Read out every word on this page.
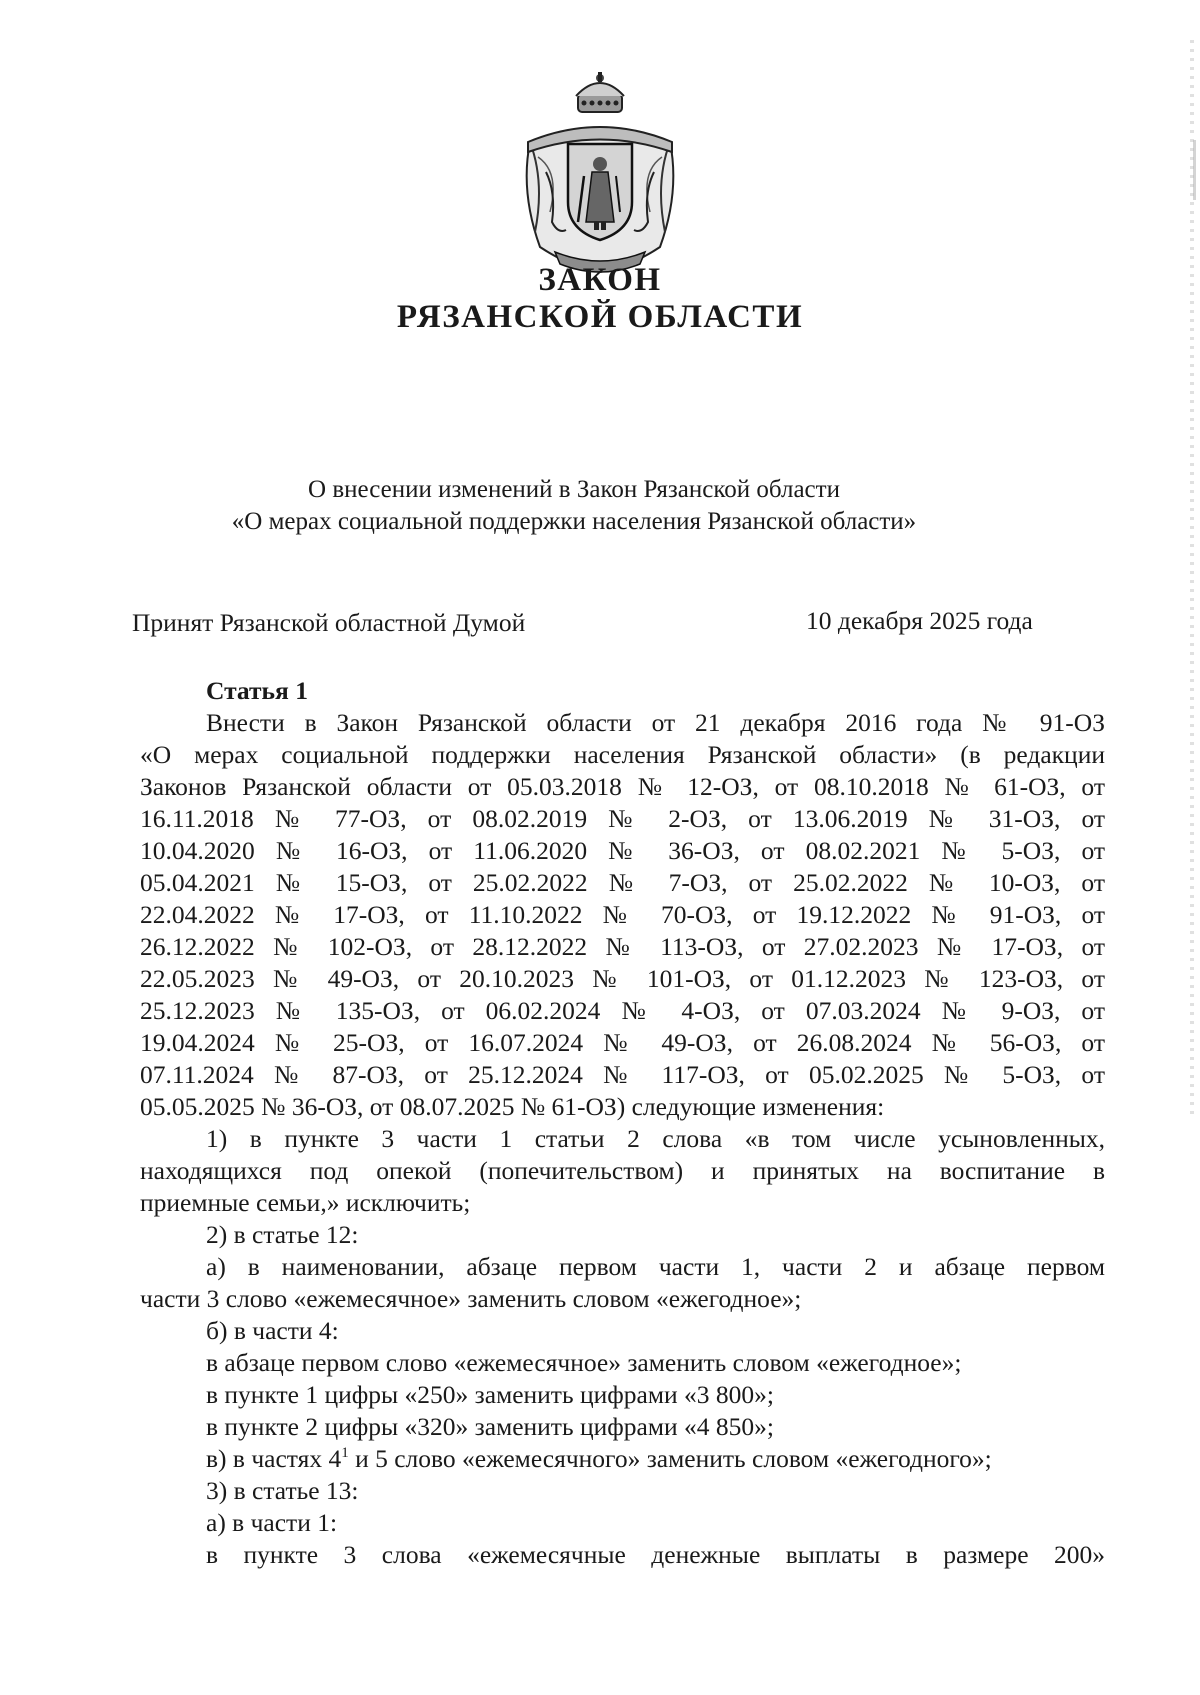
ЗАКОН
РЯЗАНСКОЙ ОБЛАСТИ
О внесении изменений в Закон Рязанской области
«О мерах социальной поддержки населения Рязанской области»
Принят Рязанской областной Думой	10 декабря 2025 года
Статья 1
Внести в Закон Рязанской области от 21 декабря 2016 года № 91-ОЗ
«О мерах социальной поддержки населения Рязанской области» (в редакции
Законов Рязанской области от 05.03.2018 № 12-ОЗ, от 08.10.2018 № 61-ОЗ, от
16.11.2018 № 77-ОЗ, от 08.02.2019 № 2-ОЗ, от 13.06.2019 № 31-ОЗ, от
10.04.2020 № 16-ОЗ, от 11.06.2020 № 36-ОЗ, от 08.02.2021 № 5-ОЗ, от
05.04.2021 № 15-ОЗ, от 25.02.2022 № 7-ОЗ, от 25.02.2022 № 10-ОЗ, от
22.04.2022 № 17-ОЗ, от 11.10.2022 № 70-ОЗ, от 19.12.2022 № 91-ОЗ, от
26.12.2022 № 102-ОЗ, от 28.12.2022 № 113-ОЗ, от 27.02.2023 № 17-ОЗ, от
22.05.2023 № 49-ОЗ, от 20.10.2023 № 101-ОЗ, от 01.12.2023 № 123-ОЗ, от
25.12.2023 № 135-ОЗ, от 06.02.2024 № 4-ОЗ, от 07.03.2024 № 9-ОЗ, от
19.04.2024 № 25-ОЗ, от 16.07.2024 № 49-ОЗ, от 26.08.2024 № 56-ОЗ, от
07.11.2024 № 87-ОЗ, от 25.12.2024 № 117-ОЗ, от 05.02.2025 № 5-ОЗ, от
05.05.2025 № 36-ОЗ, от 08.07.2025 № 61-ОЗ) следующие изменения:
1) в пункте 3 части 1 статьи 2 слова «в том числе усыновленных,
находящихся под опекой (попечительством) и принятых на воспитание в
приемные семьи,» исключить;
2) в статье 12:
а) в наименовании, абзаце первом части 1, части 2 и абзаце первом
части 3 слово «ежемесячное» заменить словом «ежегодное»;
б) в части 4:
в абзаце первом слово «ежемесячное» заменить словом «ежегодное»;
в пункте 1 цифры «250» заменить цифрами «3 800»;
в пункте 2 цифры «320» заменить цифрами «4 850»;
в) в частях $4^1$ и 5 слово «ежемесячного» заменить словом «ежегодного»;
3) в статье 13:
а) в части 1:
в пункте 3 слова «ежемесячные денежные выплаты в размере 200»
